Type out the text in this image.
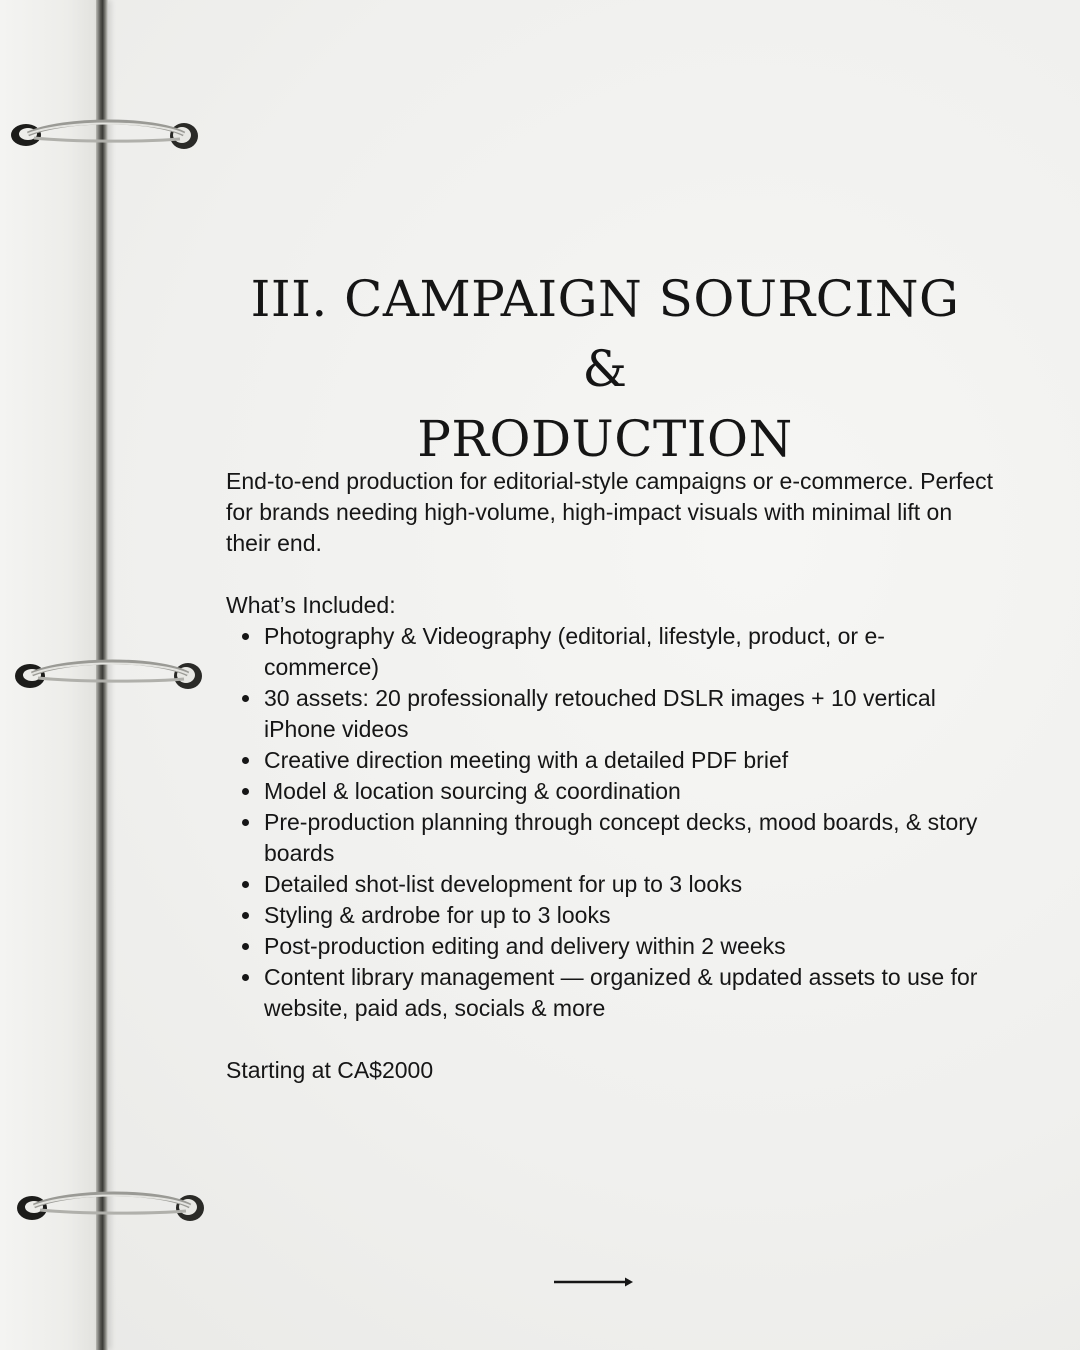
III. CAMPAIGN SOURCING &
PRODUCTION

End-to-end production for editorial-style campaigns or e-commerce. Perfect for brands needing high-volume, high-impact visuals with minimal lift on their end.

What’s Included:

Photography & Videography (editorial, lifestyle, product, or e-commerce)
30 assets: 20 professionally retouched DSLR images + 10 vertical iPhone videos
Creative direction meeting with a detailed PDF brief
Model & location sourcing & coordination
Pre-production planning through concept decks, mood boards, & story boards
Detailed shot-list development for up to 3 looks
Styling & ardrobe for up to 3 looks
Post-production editing and delivery within 2 weeks
Content library management — organized & updated assets to use for website, paid ads, socials & more

Starting at CA$2000
